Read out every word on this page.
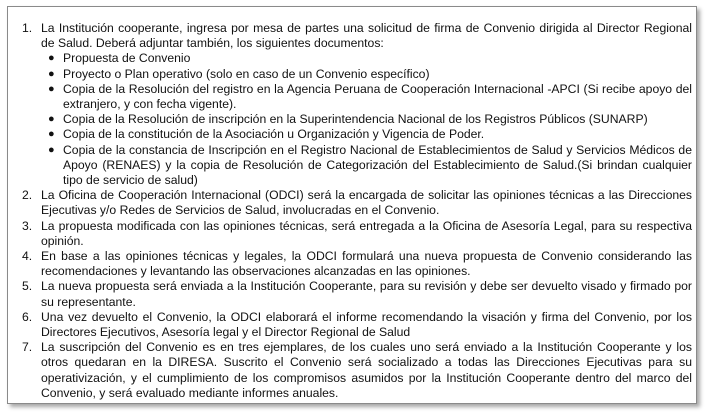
1. La Institución cooperante, ingresa por mesa de partes una solicitud de firma de Convenio dirigida al Director Regional de Salud. Deberá adjuntar también, los siguientes documentos:
● Propuesta de Convenio
● Proyecto o Plan operativo (solo en caso de un Convenio específico)
● Copia de la Resolución del registro en la Agencia Peruana de Cooperación Internacional -APCI (Si recibe apoyo del extranjero, y con fecha vigente).
● Copia de la Resolución de inscripción en la Superintendencia Nacional de los Registros Públicos (SUNARP)
● Copia de la constitución de la Asociación u Organización y Vigencia de Poder.
● Copia de la constancia de Inscripción en el Registro Nacional de Establecimientos de Salud y Servicios Médicos de Apoyo (RENAES) y la copia de Resolución de Categorización del Establecimiento de Salud.(Si brindan cualquier tipo de servicio de salud)
2. La Oficina de Cooperación Internacional (ODCI) será la encargada de solicitar las opiniones técnicas a las Direcciones Ejecutivas y/o Redes de Servicios de Salud, involucradas en el Convenio.
3. La propuesta modificada con las opiniones técnicas, será entregada a la Oficina de Asesoría Legal, para su respectiva opinión.
4. En base a las opiniones técnicas y legales, la ODCI formulará una nueva propuesta de Convenio considerando las recomendaciones y levantando las observaciones alcanzadas en las opiniones.
5. La nueva propuesta será enviada a la Institución Cooperante, para su revisión y debe ser devuelto visado y firmado por su representante.
6. Una vez devuelto el Convenio, la ODCI elaborará el informe recomendando la visación y firma del Convenio, por los Directores Ejecutivos, Asesoría legal y el Director Regional de Salud
7. La suscripción del Convenio es en tres ejemplares, de los cuales uno será enviado a la Institución Cooperante y los otros quedaran en la DIRESA. Suscrito el Convenio será socializado a todas las Direcciones Ejecutivas para su operativización, y el cumplimiento de los compromisos asumidos por la Institución Cooperante dentro del marco del Convenio, y será evaluado mediante informes anuales.
